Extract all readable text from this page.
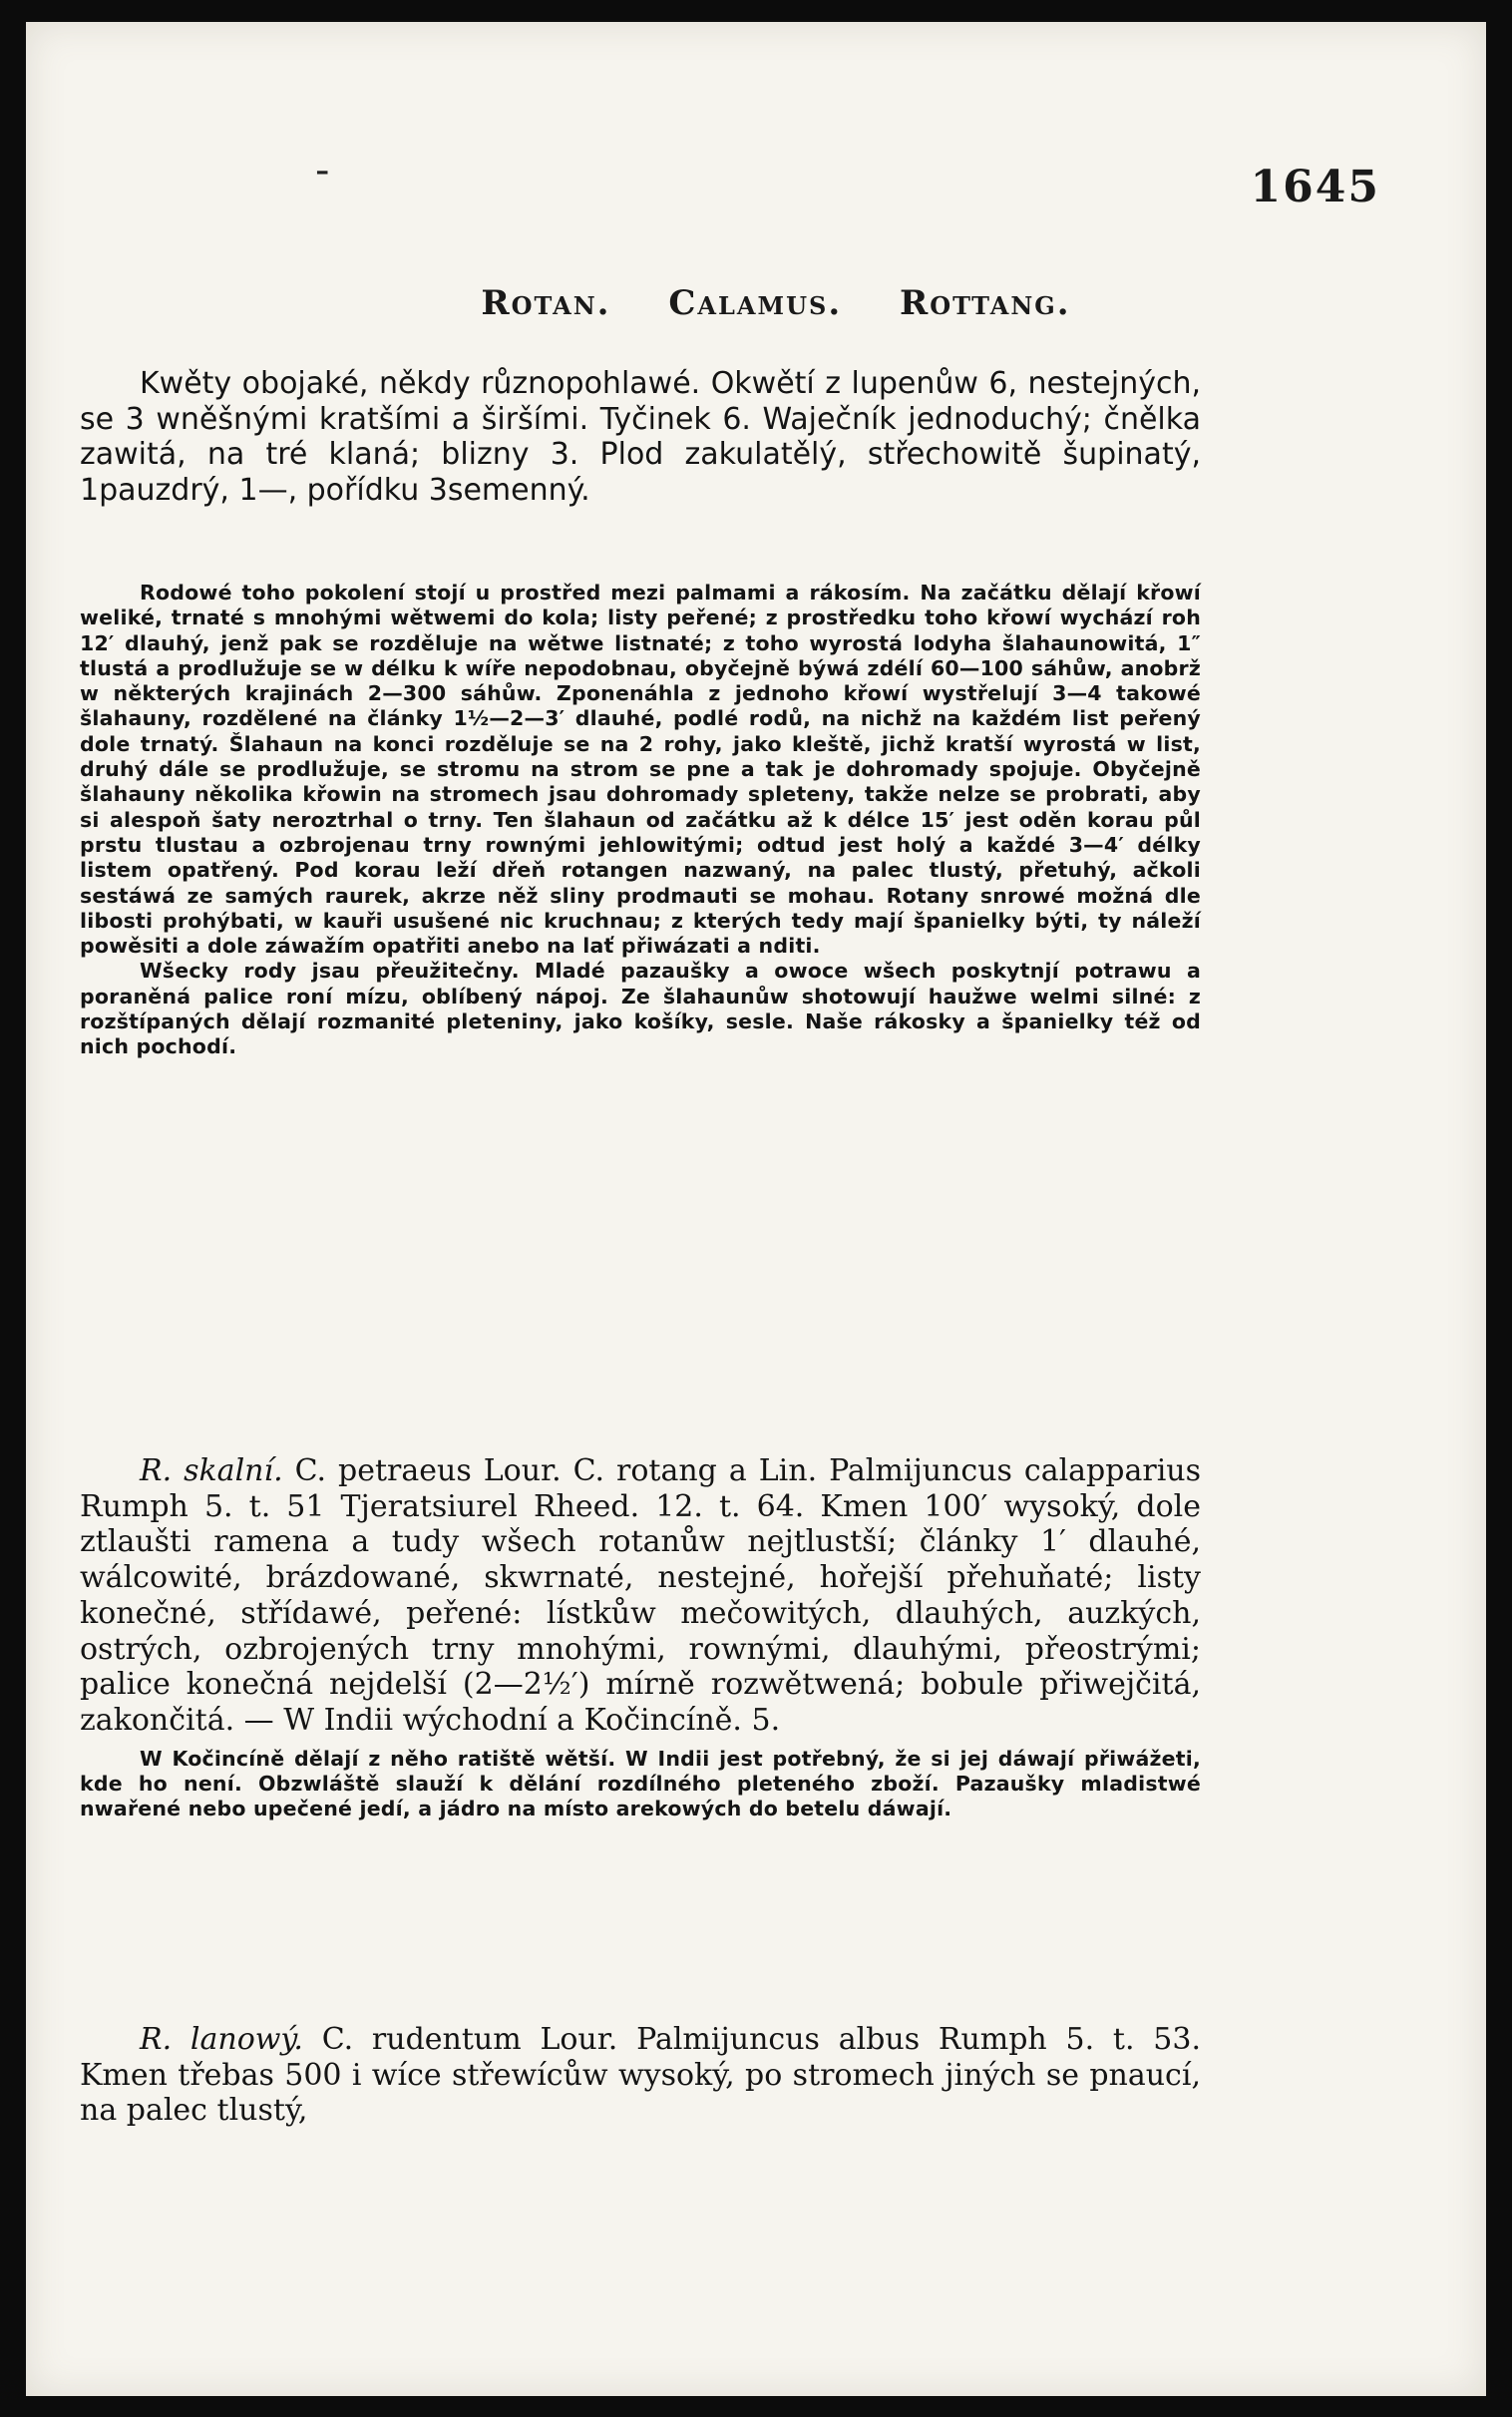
-	1645
Rotan. Calamus. Rottang.

Kwěty obojaké, někdy různopohlawé. Okwětí z lupenůw 6, nestejných, se 3 wněšnými kratšími a širšími. Tyčinek 6. Waječník jednoduchý; čnělka zawitá, na tré klaná; blizny 3. Plod zakulatělý, střechowitě šupinatý, 1pauzdrý, 1—, pořídku 3semenný.

Rodowé toho pokolení stojí u prostřed mezi palmami a rákosím. Na začátku dělají křowí weliké, trnaté s mnohými wětwemi do kola; listy peřené; z prostředku toho křowí wychází roh 12′ dlauhý, jenž pak se rozděluje na wětwe listnaté; z toho wyrostá lodyha šlahaunowitá, 1″ tlustá a prodlužuje se w délku k wíře nepodobnau, obyčejně býwá zdélí 60—100 sáhůw, anobrž w některých krajinách 2—300 sáhůw. Zponenáhla z jednoho křowí wystřelují 3—4 takowé šlahauny, rozdělené na články 1½—2—3′ dlauhé, podlé rodů, na nichž na každém list peřený dole trnatý. Šlahaun na konci rozděluje se na 2 rohy, jako kleště, jichž kratší wyrostá w list, druhý dále se prodlužuje, se stromu na strom se pne a tak je dohromady spojuje. Obyčejně šlahauny několika křowin na stromech jsau dohromady spleteny, takže nelze se probrati, aby si alespoň šaty neroztrhal o trny. Ten šlahaun od začátku až k délce 15′ jest oděn korau půl prstu tlustau a ozbrojenau trny rownými jehlowitými; odtud jest holý a každé 3—4′ délky listem opatřený. Pod korau leží dřeň rotangen nazwaný, na palec tlustý, přetuhý, ačkoli sestáwá ze samých raurek, akrze něž sliny prodmauti se mohau. Rotany snrowé možná dle libosti prohýbati, w kauři usušené nic kruchnau; z kterých tedy mají španielky býti, ty náleží powěsiti a dole záwažím opatřiti anebo na lať přiwázati a nditi.

Wšecky rody jsau přeužitečny. Mladé pazaušky a owoce wšech poskytnjí potrawu a poraněná palice roní mízu, oblíbený nápoj. Ze šlahaunůw shotowují haužwe welmi silné: z rozštípaných dělají rozmanité pleteniny, jako košíky, sesle. Naše rákosky a španielky též od nich pochodí.

R. skalní. C. petraeus Lour. C. rotang a Lin. Palmijuncus calapparius Rumph 5. t. 51 Tjeratsiurel Rheed. 12. t. 64. Kmen 100′ wysoký, dole ztlaušti ramena a tudy wšech rotanůw nejtlustší; články 1′ dlauhé, wálcowité, brázdowané, skwrnaté, nestejné, hořejší přehuňaté; listy konečné, střídawé, peřené: lístkůw mečowitých, dlauhých, auzkých, ostrých, ozbrojených trny mnohými, rownými, dlauhými, přeostrými; palice konečná nejdelší (2—2½′) mírně rozwětwená; bobule přiwejčitá, zakončitá. — W Indii wýchodní a Kočincíně. 5.

W Kočincíně dělají z něho ratiště wětší. W Indii jest potřebný, že si jej dáwají přiwážeti, kde ho není. Obzwláště slauží k dělání rozdílného pleteného zboží. Pazaušky mladistwé nwařené nebo upečené jedí, a jádro na místo arekowých do betelu dáwají.

R. lanowý. C. rudentum Lour. Palmijuncus albus Rumph 5. t. 53. Kmen třebas 500 i wíce střewícůw wysoký, po stromech jiných se pnaucí, na palec tlustý,
